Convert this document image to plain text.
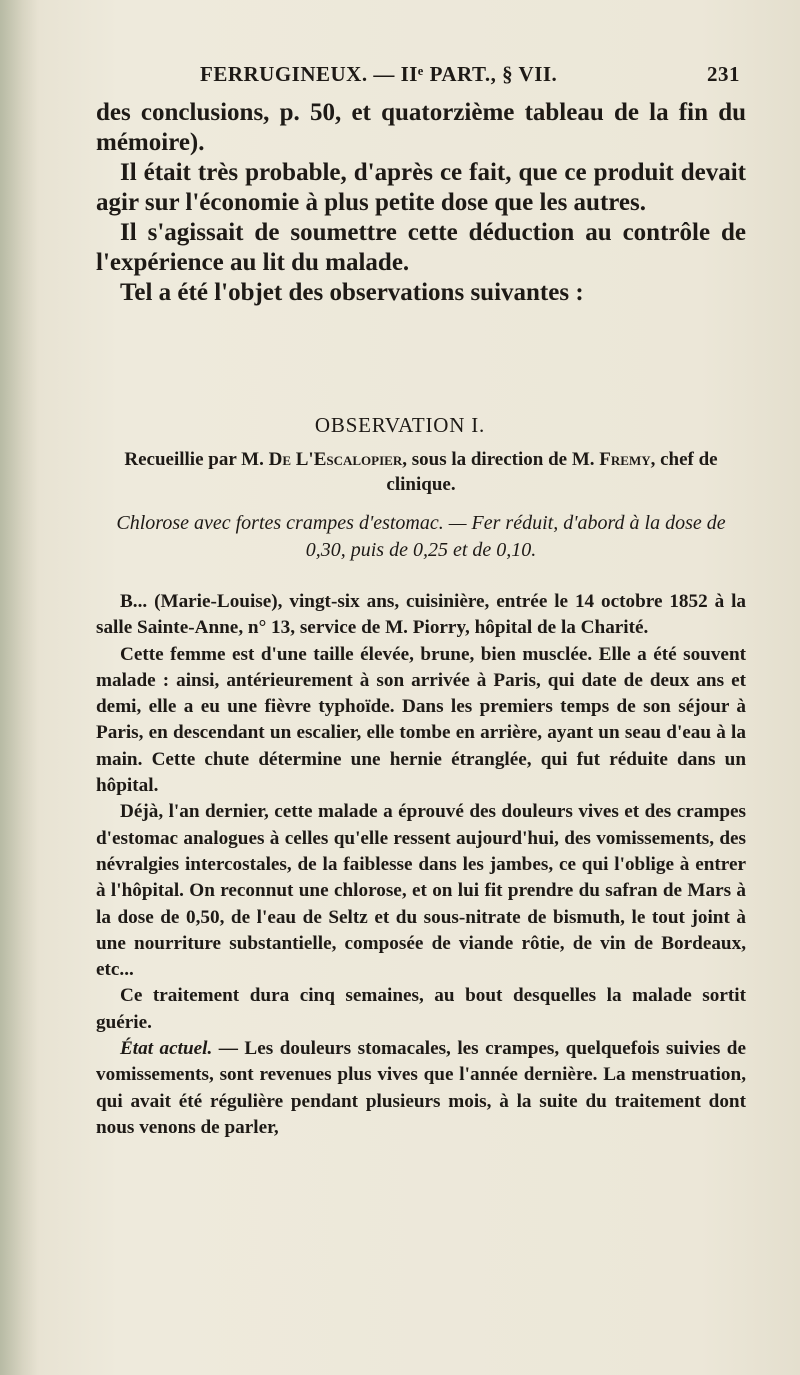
FERRUGINEUX. — IIᵉ PART., § VII.	231

des conclusions, p. 50, et quatorzième tableau de la fin du mémoire).

Il était très probable, d'après ce fait, que ce produit devait agir sur l'économie à plus petite dose que les autres.

Il s'agissait de soumettre cette déduction au contrôle de l'expérience au lit du malade.

Tel a été l'objet des observations suivantes :

OBSERVATION I.
Recueillie par M. De L'Escalopier, sous la direction de M. Fremy, chef de clinique.
Chlorose avec fortes crampes d'estomac. — Fer réduit, d'abord à la dose de 0,30, puis de 0,25 et de 0,10.

B... (Marie-Louise), vingt-six ans, cuisinière, entrée le 14 octobre 1852 à la salle Sainte-Anne, n° 13, service de M. Piorry, hôpital de la Charité.

Cette femme est d'une taille élevée, brune, bien musclée. Elle a été souvent malade : ainsi, antérieurement à son arrivée à Paris, qui date de deux ans et demi, elle a eu une fièvre typhoïde. Dans les premiers temps de son séjour à Paris, en descendant un escalier, elle tombe en arrière, ayant un seau d'eau à la main. Cette chute détermine une hernie étranglée, qui fut réduite dans un hôpital.

Déjà, l'an dernier, cette malade a éprouvé des douleurs vives et des crampes d'estomac analogues à celles qu'elle ressent aujourd'hui, des vomissements, des névralgies intercostales, de la faiblesse dans les jambes, ce qui l'oblige à entrer à l'hôpital. On reconnut une chlorose, et on lui fit prendre du safran de Mars à la dose de 0,50, de l'eau de Seltz et du sous-nitrate de bismuth, le tout joint à une nourriture substantielle, composée de viande rôtie, de vin de Bordeaux, etc...

Ce traitement dura cinq semaines, au bout desquelles la malade sortit guérie.

État actuel. — Les douleurs stomacales, les crampes, quelquefois suivies de vomissements, sont revenues plus vives que l'année dernière. La menstruation, qui avait été régulière pendant plusieurs mois, à la suite du traitement dont nous venons de parler,
